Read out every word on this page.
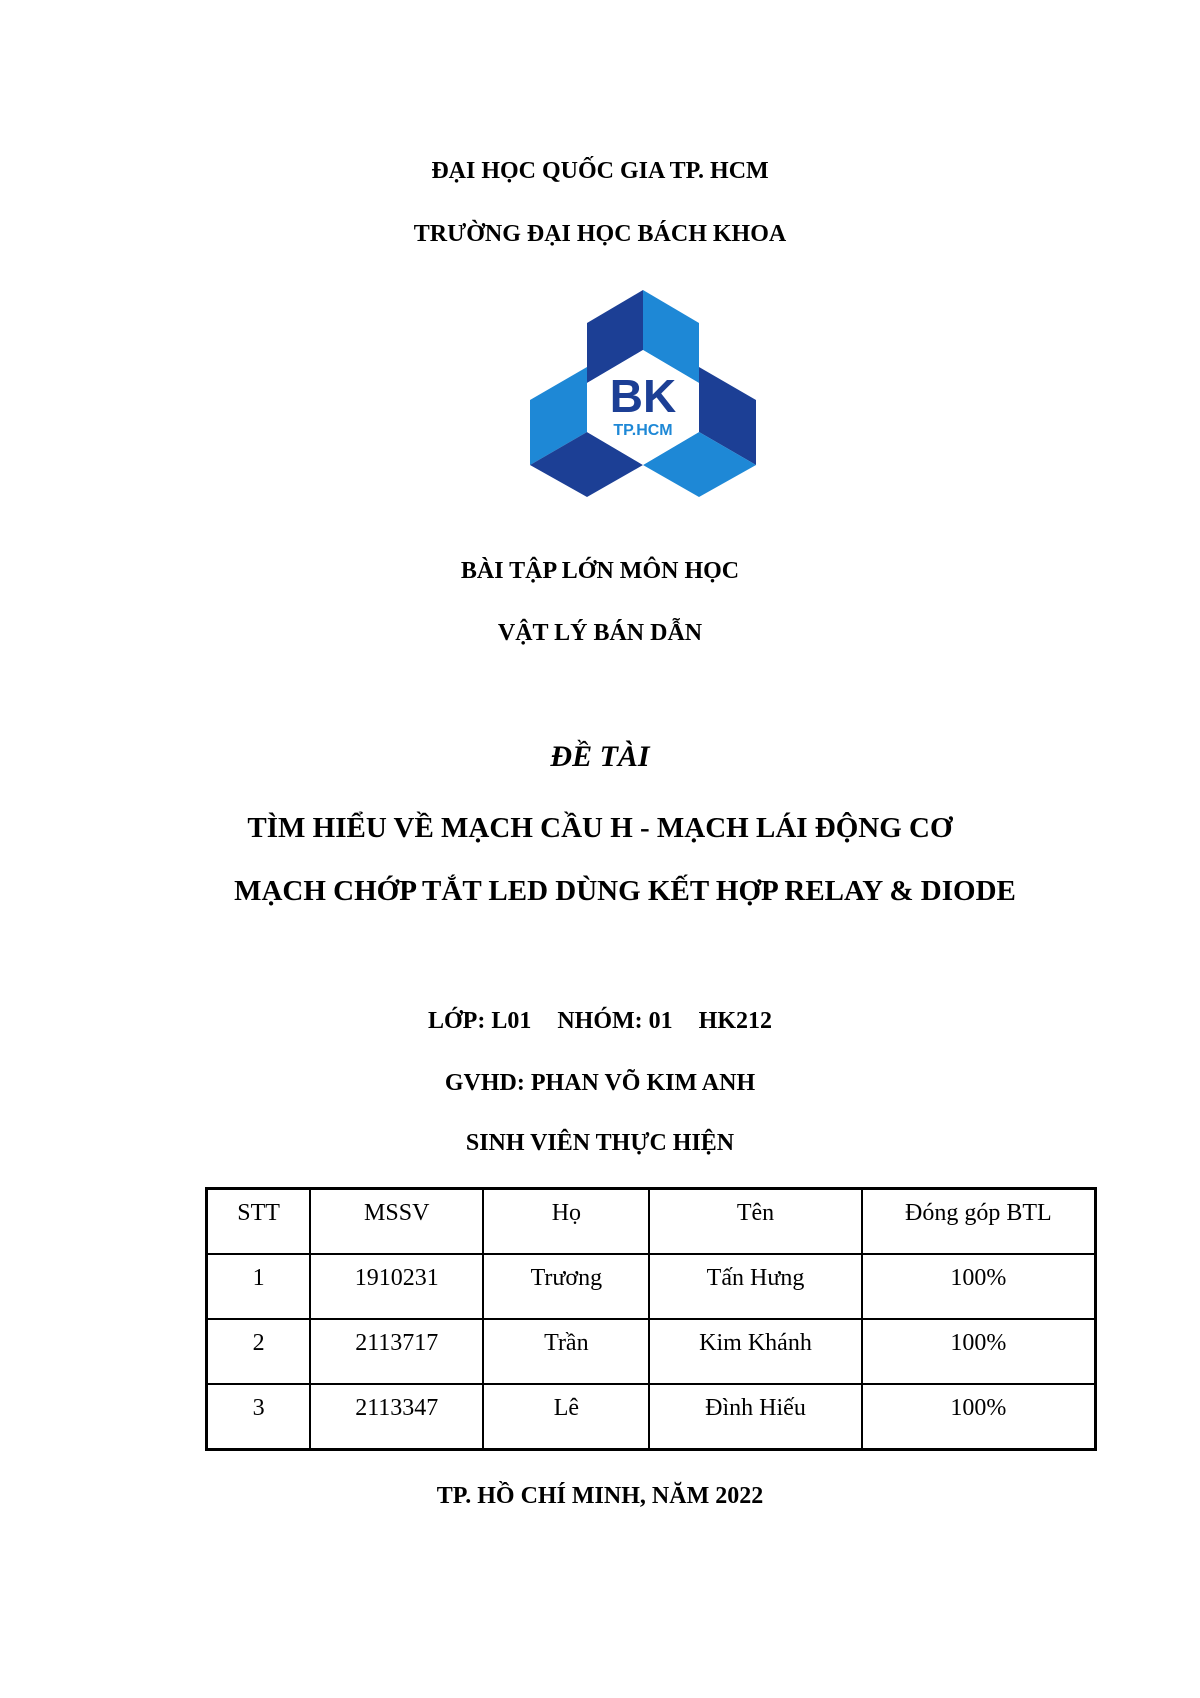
ĐẠI HỌC QUỐC GIA TP. HCM
TRƯỜNG ĐẠI HỌC BÁCH KHOA
BK
TP.HCM
BÀI TẬP LỚN MÔN HỌC
VẬT LÝ BÁN DẪN
ĐỀ TÀI
TÌM HIỂU VỀ MẠCH CẦU H - MẠCH LÁI ĐỘNG CƠ
MẠCH CHỚP TẮT LED DÙNG KẾT HỢP RELAY & DIODE
LỚP: L01 NHÓM: 01 HK212
GVHD: PHAN VÕ KIM ANH
SINH VIÊN THỰC HIỆN
STT	MSSV	Họ	Tên	Đóng góp BTL
1	1910231	Trương	Tấn Hưng	100%
2	2113717	Trần	Kim Khánh	100%
3	2113347	Lê	Đình Hiếu	100%
TP. HỒ CHÍ MINH, NĂM 2022
